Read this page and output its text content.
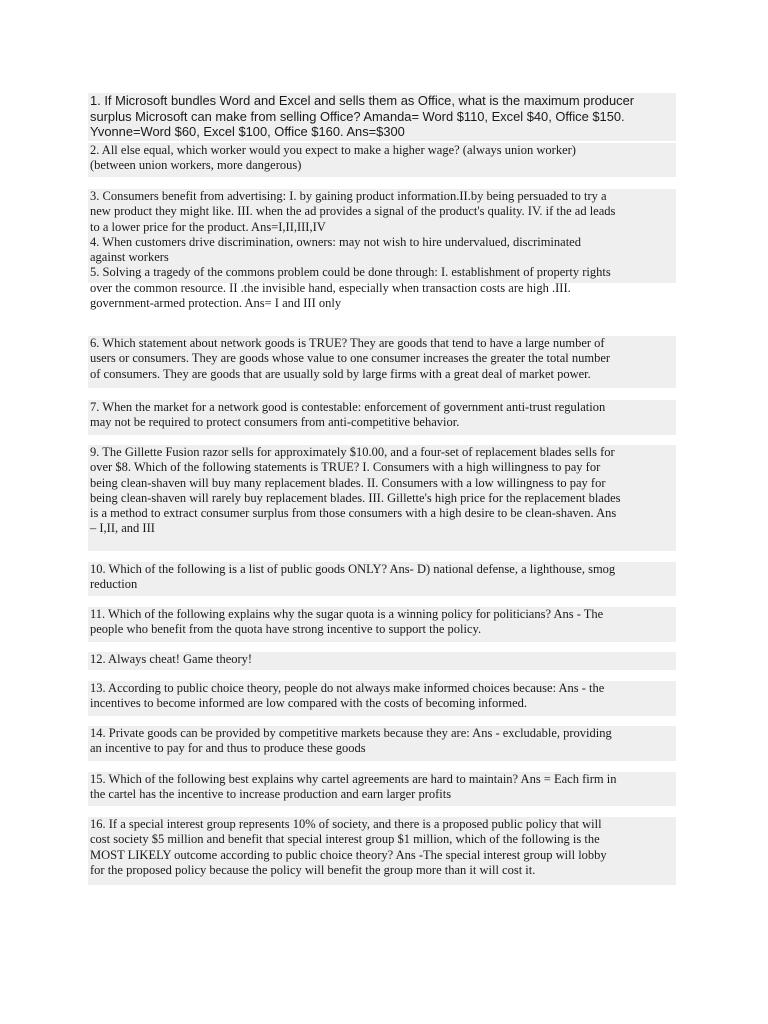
1. If Microsoft bundles Word and Excel and sells them as Office, what is the maximum producer
surplus Microsoft can make from selling Office? Amanda= Word $110, Excel $40, Office $150.
Yvonne=Word $60, Excel $100, Office $160. Ans=$300
2. All else equal, which worker would you expect to make a higher wage? (always union worker)
(between union workers, more dangerous)
3. Consumers benefit from advertising: I. by gaining product information.II.by being persuaded to try a
new product they might like. III. when the ad provides a signal of the product's quality. IV. if the ad leads
to a lower price for the product. Ans=I,II,III,IV
4. When customers drive discrimination, owners: may not wish to hire undervalued, discriminated
against workers
5. Solving a tragedy of the commons problem could be done through: I. establishment of property rights
over the common resource. II .the invisible hand, especially when transaction costs are high .III.
government-armed protection. Ans= I and III only
6. Which statement about network goods is TRUE? They are goods that tend to have a large number of
users or consumers. They are goods whose value to one consumer increases the greater the total number
of consumers. They are goods that are usually sold by large firms with a great deal of market power.
7. When the market for a network good is contestable: enforcement of government anti-trust regulation
may not be required to protect consumers from anti-competitive behavior.
9. The Gillette Fusion razor sells for approximately $10.00, and a four-set of replacement blades sells for
over $8. Which of the following statements is TRUE? I. Consumers with a high willingness to pay for
being clean-shaven will buy many replacement blades. II. Consumers with a low willingness to pay for
being clean-shaven will rarely buy replacement blades. III. Gillette's high price for the replacement blades
is a method to extract consumer surplus from those consumers with a high desire to be clean-shaven. Ans
– I,II, and III
10. Which of the following is a list of public goods ONLY? Ans- D) national defense, a lighthouse, smog
reduction
11. Which of the following explains why the sugar quota is a winning policy for politicians? Ans - The
people who benefit from the quota have strong incentive to support the policy.
12. Always cheat! Game theory!
13. According to public choice theory, people do not always make informed choices because: Ans - the
incentives to become informed are low compared with the costs of becoming informed.
14. Private goods can be provided by competitive markets because they are: Ans - excludable, providing
an incentive to pay for and thus to produce these goods
15. Which of the following best explains why cartel agreements are hard to maintain? Ans = Each firm in
the cartel has the incentive to increase production and earn larger profits
16. If a special interest group represents 10% of society, and there is a proposed public policy that will
cost society $5 million and benefit that special interest group $1 million, which of the following is the
MOST LIKELY outcome according to public choice theory? Ans -The special interest group will lobby
for the proposed policy because the policy will benefit the group more than it will cost it.
